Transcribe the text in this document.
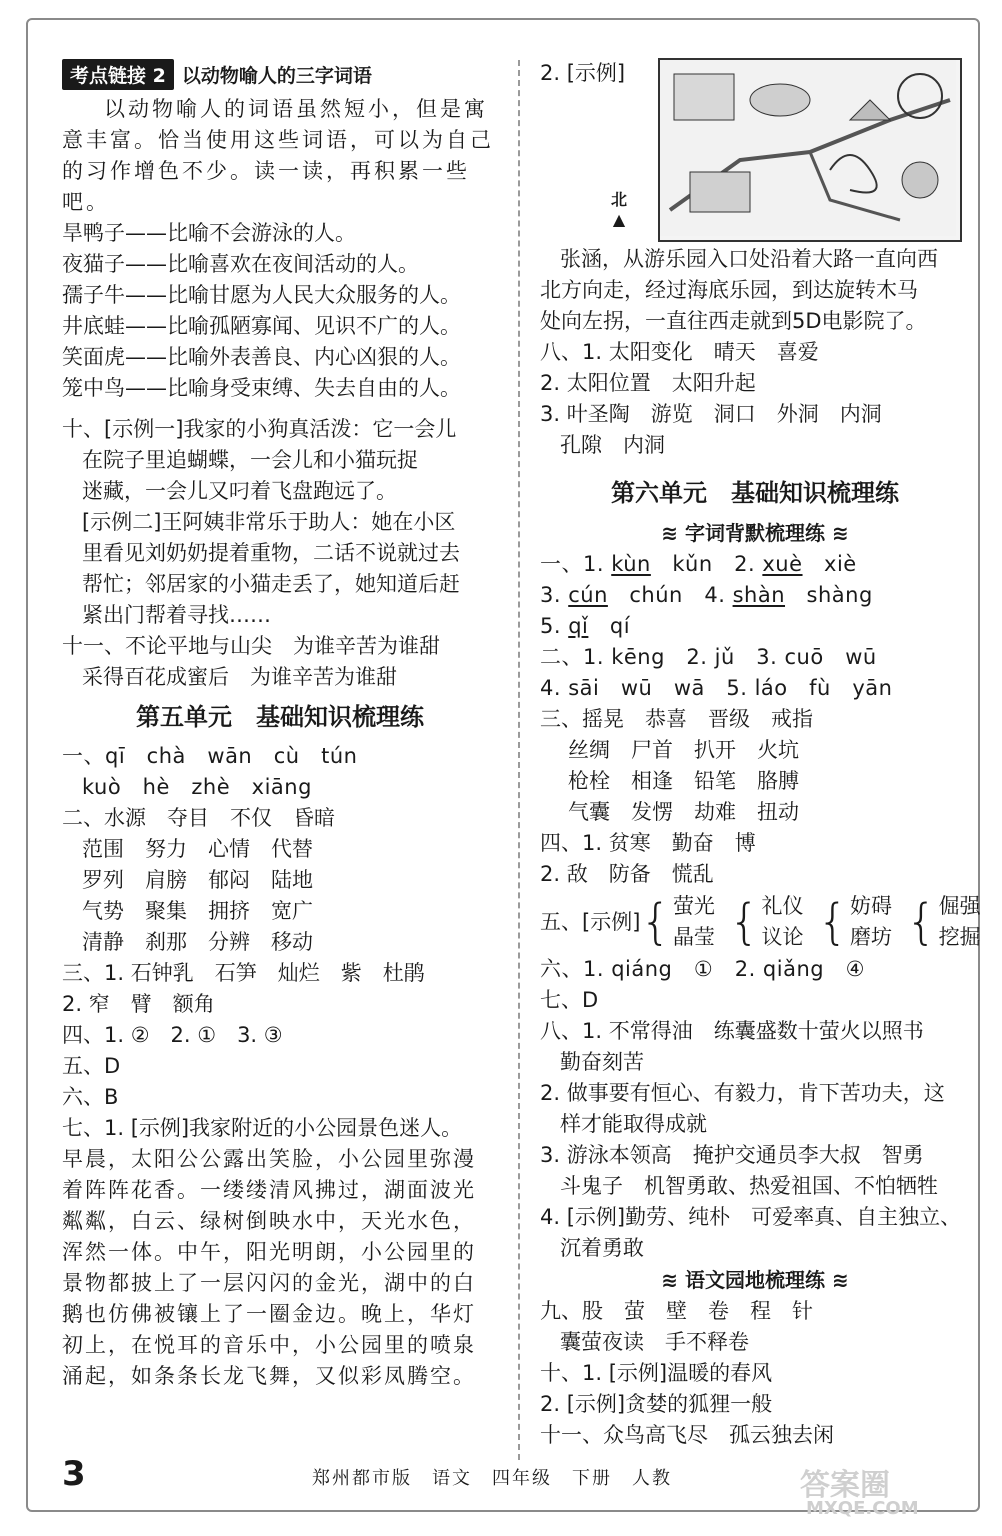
考点链接 2 以动物喻人的三字词语
以动物喻人的词语虽然短小，但是寓意丰富。恰当使用这些词语，可以为自己的习作增色不少。读一读，再积累一些吧。
旱鸭子——比喻不会游泳的人。
夜猫子——比喻喜欢在夜间活动的人。
孺子牛——比喻甘愿为人民大众服务的人。
井底蛙——比喻孤陋寡闻、见识不广的人。
笑面虎——比喻外表善良、内心凶狠的人。
笼中鸟——比喻身受束缚、失去自由的人。
十、[示例一]我家的小狗真活泼：它一会儿
在院子里追蝴蝶，一会儿和小猫玩捉
迷藏，一会儿又叼着飞盘跑远了。
[示例二]王阿姨非常乐于助人：她在小区
里看见刘奶奶提着重物，二话不说就过去
帮忙；邻居家的小猫走丢了，她知道后赶
紧出门帮着寻找……
十一、不论平地与山尖　为谁辛苦为谁甜
采得百花成蜜后　为谁辛苦为谁甜
第五单元　基础知识梳理练
一、qī　chà　wān　cù　tún
kuò　hè　zhè　xiāng
二、水源　夺目　不仅　昏暗
范围　努力　心情　代替
罗列　肩膀　郁闷　陆地
气势　聚集　拥挤　宽广
清静　刹那　分辨　移动
三、1. 石钟乳　石笋　灿烂　紫　杜鹃
2. 窄　臂　额角
四、1. ②　2. ①　3. ③
五、D
六、B
七、1. [示例]我家附近的小公园景色迷人。
早晨，太阳公公露出笑脸，小公园里弥漫着阵阵花香。一缕缕清风拂过，湖面波光粼粼，白云、绿树倒映水中，天光水色，浑然一体。中午，阳光明朗，小公园里的景物都披上了一层闪闪的金光，湖中的白鹅也仿佛被镶上了一圈金边。晚上，华灯初上，在悦耳的音乐中，小公园里的喷泉涌起，如条条长龙飞舞，又似彩凤腾空。
2. [示例]
北
▲
张涵，从游乐园入口处沿着大路一直向西
北方向走，经过海底乐园，到达旋转木马
处向左拐，一直往西走就到5D电影院了。
八、1. 太阳变化　晴天　喜爱
2. 太阳位置　太阳升起
3. 叶圣陶　游览　洞口　外洞　内洞
孔隙　内洞
第六单元　基础知识梳理练
≋ 字词背默梳理练 ≋
一、1. kùn　kǔn　2. xuè　xiè
3. cún　chún　4. shàn　shàng
5. qǐ　qí
二、1. kēng　2. jǔ　3. cuō　wū
4. sāi　wū　wā　5. láo　fù　yān
三、摇晃　恭喜　晋级　戒指
丝绸　尸首　扒开　火坑
枪栓　相逢　铅笔　胳膊
气囊　发愣　劫难　扭动
四、1. 贫寒　勤奋　博
2. 敌　防备　慌乱
五、[示例] { 萤光
晶莹 { 礼仪
议论 { 妨碍
磨坊 { 倔强
挖掘
六、1. qiáng　①　2. qiǎng　④
七、D
八、1. 不常得油　练囊盛数十萤火以照书
勤奋刻苦
2. 做事要有恒心、有毅力，肯下苦功夫，这
样才能取得成就
3. 游泳本领高　掩护交通员李大叔　智勇
斗鬼子　机智勇敢、热爱祖国、不怕牺牲
4. [示例]勤劳、纯朴　可爱率真、自主独立、
沉着勇敢
≋ 语文园地梳理练 ≋
九、股　萤　壁　卷　程　针
囊萤夜读　手不释卷
十、1. [示例]温暖的春风
2. [示例]贪婪的狐狸一般
十一、众鸟高飞尽　孤云独去闲
3	郑州都市版　语文　四年级　下册　人教	答案圈
MXQE.COM
